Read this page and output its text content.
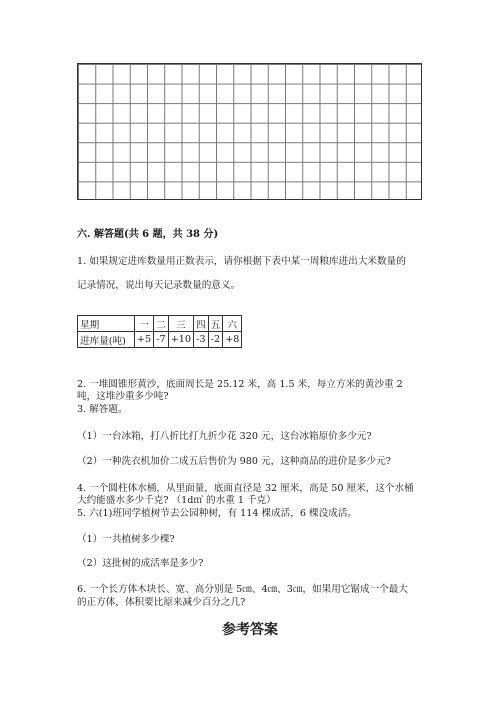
六. 解答题(共 6 题，共 38 分)
1. 如果规定进库数量用正数表示，请你根据下表中某一周粮库进出大米数量的
记录情况，说出每天记录数量的意义。
星期	一	二	三	四	五	六
进库量(吨)	+5	-7	+10	-3	-2	+8
2. 一堆圆锥形黄沙，底面周长是 25.12 米，高 1.5 米，每立方米的黄沙重 2
吨，这堆沙重多少吨?
3. 解答题。
（1）一台冰箱，打八折比打九折少花 320 元，这台冰箱原价多少元?
（2）一种洗衣机加价二成五后售价为 980 元，这种商品的进价是多少元?
4. 一个圆柱体水桶，从里面量，底面直径是 32 厘米，高是 50 厘米，这个水桶
大约能盛水多少千克? （1d㎥ 的水重 1 千克）
5. 六(1)班同学植树节去公园种树，有 114 棵成活，6 棵没成活。
（1）一共植树多少棵?
（2）这批树的成活率是多少?
6. 一个长方体木块长、宽、高分别是 5㎝、4㎝、3㎝，如果用它锯成一个最大
的正方体，体积要比原来减少百分之几?
参考答案
